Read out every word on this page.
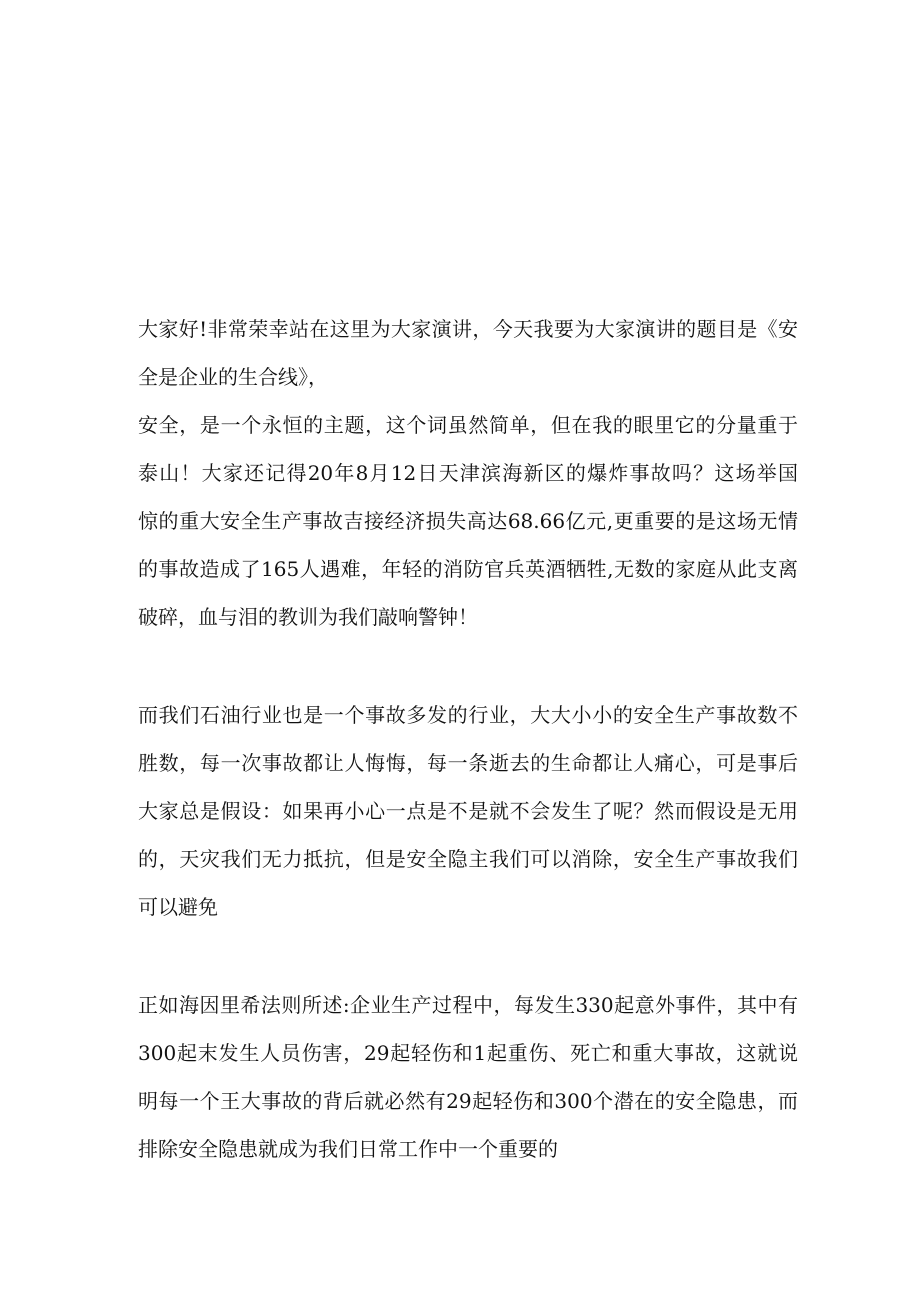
大家好!非常荣幸站在这里为大家演讲，今天我要为大家演讲的题目是《安
全是企业的生合线》，
安全，是一个永恒的主题，这个词虽然简单，但在我的眼里它的分量重于
泰山！大家还记得20年8月12日天津滨海新区的爆炸事故吗？这场举国
惊的重大安全生产事故吉接经济损失高达68.66亿元,更重要的是这场无情
的事故造成了165人遇难，年轻的消防官兵英酒牺牲,无数的家庭从此支离
破碎，血与泪的教训为我们敲响警钟！
而我们石油行业也是一个事故多发的行业，大大小小的安全生产事故数不
胜数，每一次事故都让人悔悔，每一条逝去的生命都让人痛心，可是事后
大家总是假设：如果再小心一点是不是就不会发生了呢？然而假设是无用
的，天灾我们无力抵抗，但是安全隐主我们可以消除，安全生产事故我们
可以避免
正如海因里希法则所述:企业生产过程中，每发生330起意外事件，其中有
300起末发生人员伤害，29起轻伤和1起重伤、死亡和重大事故，这就说
明每一个王大事故的背后就必然有29起轻伤和300个潜在的安全隐患，而
排除安全隐患就成为我们日常工作中一个重要的
